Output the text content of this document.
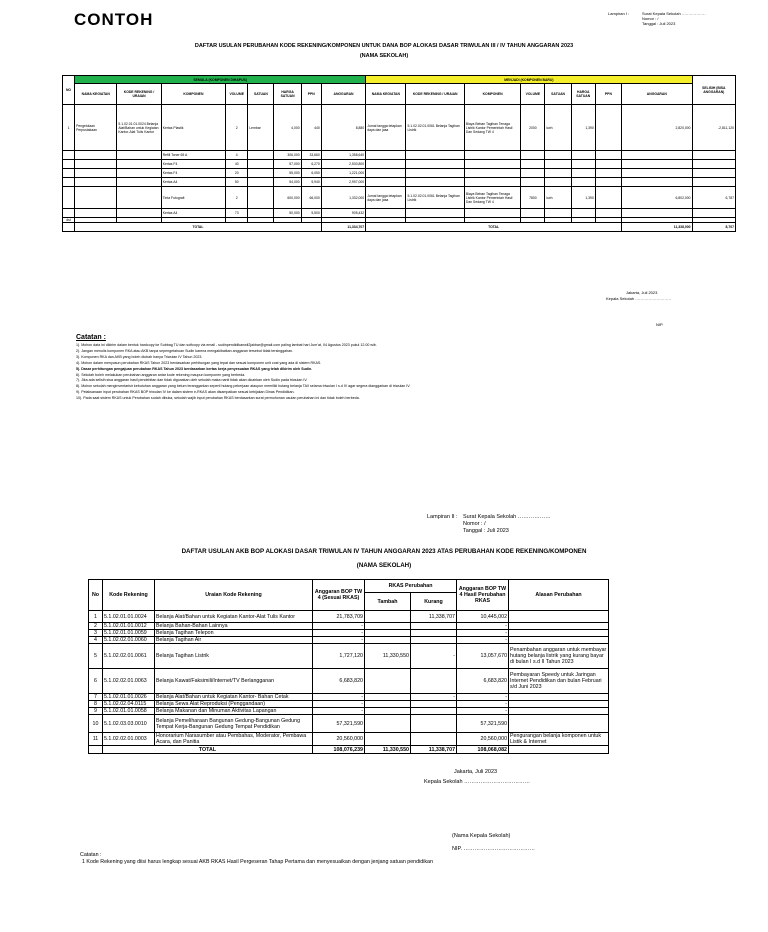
CONTOH	Lampiran I :	Surat Kepala Sekolah ………………
Nomor : /
Tanggal : Juli 2023
DAFTAR USULAN PERUBAHAN KODE REKENING/KOMPONEN UNTUK DANA BOP ALOKASI DASAR TRIWULAN III / IV TAHUN ANGGARAN 2023
(NAMA SEKOLAH)
NO	SEMULA (KOMPONEN DIHAPUS)								MENJADI (KOMPONEN BARU)								SELISIH (BISA ANGGARAN)
	NAMA KEGIATAN	KODE REKENING / URAIAN	KOMPONEN	VOLUME	SATUAN	HARGA SATUAN	PPN	ANGGARAN	NAMA KEGIATAN	KODE REKENING / URAIAN	KOMPONEN	VOLUME	SATUAN	HARGA SATUAN	PPN	ANGGARAN	
1	Pengelolaan Perpustakaan	5.1.02.01.01.0024 Belanja Alat/Bahan untuk Kegiatan Kantor-Alat Tulis Kantor	Kertas Plastik	2	Lembar	4,000	440	8,880	Jurnal tangga tetapkan daya dan jasa	5.1.02.02.01.0061 Belanja Tagihan Listrik	Biaya Beban Tagihan Tenaga Listrik Kantor Pemerintah Hasil Dan Sedang TW 4	2000	kwh	1,390		2,820,000	-2,811,120
			Refill Toner 65 A	4		306,000	33,660	1,358,640									
			Kertas F4	40		57,000	6,270	2,530,800									
			Kertas F4	20		55,000	6,050	1,221,000									
			Kertas A4	50		54,000	5,940	2,997,000									
			Tinta Fotografi	2		600,000	66,000	1,332,000	Jurnal tangga tetapkan daya dan jasa	5.1.02.02.01.0061 Belanja Tagihan Listrik	Biaya Beban Tagihan Tenaga Listrik Kantor Pemerintah Hasil Dan Sedang TW 4	7800	kwh	1,390		6,802,000	6,787
			Kertas A4	73		50,000	5,500	905,432									
dst																	
	TOTAL							11,334,707	TOTAL							11,338,000	8,707
Jakarta, Juli 2023
Kepala Sekolah ………………………
NIP.
Catatan :
1). Mohon data ini dikirim dalam bentuk hardcopy ke Subbag TU dan softcopy via email - sudinpendidikanwil2jakbar@gmail.com paling lambat hari Jum'at, 04 Agustus 2023 pukul 12.00 wib.
2). Jangan menulis komponen RKA atau AKB tanpa sepengetahuan Sudin karena mengakibatkan anggaran tersebut tidak tersinggahan.
3). Komponen RKA dan AKB yang boleh diubah hanya Triwulan IV Tahun 2023.
4). Mohon dalam menyusun perubahan RKAS Tahun 2023 berdasarkan perhitungan yang tepat dan sesuai komponen unit cost yang ada di sistem RKAS.
5). Dasar perhitungan pengajuan perubahan RKAS Tahun 2023 berdasarkan kertas kerja penyesuaian RKAS yang telah dikirim oleh Sudin.
6). Sekolah boleh melakukan perubahan anggaran antar kode rekening maupun komponen yang berbeda.
7). Jika ada selisih sisa anggaran hasil pendebitan dan tidak digunakan oleh sekolah maka nanti tidak akan dicairkan oleh Sudin pada triwulan IV.
8). Mohon sekolah menginventarisir kebutuhan anggaran yang belum teranggarkan seperti hutang pekerjaan ataupun memiliki hutang belanja TA/I selama triwulan I s.d IV agar segera dianggarkan di triwulan IV.
9). Pelaksanaan input perubahan RKAS BOP triwulan IV ke dalam sistem e-RKAS akan disampaikan sesuai kebijakan Dinas Pendidikan.
10). Pada saat sistem RKAS untuk Perubahan sudah dibuka, sekolah wajib input perubahan RKAS berdasarkan surat permohonan usulan perubahan ini dan tidak boleh berbeda.
Lampiran II : Surat Kepala Sekolah ………………
Nomor : /
Tanggal : Juli 2023
DAFTAR USULAN AKB BOP ALOKASI DASAR TRIWULAN IV TAHUN ANGGARAN 2023 ATAS PERUBAHAN KODE REKENING/KOMPONEN
(NAMA SEKOLAH)
No	Kode Rekening	Uraian Kode Rekening	Anggaran BOP TW 4 (Sesuai RKAS)	RKAS Perubahan		Anggaran BOP TW 4 Hasil Perubahan RKAS	Alasan Perubahan
				Tambah	Kurang		
1	5.1.02.01.01.0024	Belanja Alat/Bahan untuk Kegiatan Kantor-Alat Tulis Kantor	21,783,709		11,338,707	10,445,002	
2	5.1.02.01.01.0012	Belanja Bahan-Bahan Lainnya	-			-	
3	5.1.02.01.01.0059	Belanja Tagihan Telepon	-			-	
4	5.1.02.02.01.0060	Belanja Tagihan Air	-			-	
5	5.1.02.02.01.0061	Belanja Tagihan Listrik	1,727,120	11,330,550	-	13,057,670	Penambahan anggaran untuk membayar hutang belanja listrik yang kurang bayar di bulan I s.d II Tahun 2023
6	5.1.02.02.01.0063	Belanja Kawat/Faksimili/Internet/TV Berlangganan	6,683,820			6,683,820	Pembayaran Speedy untuk Jaringan Internet Pendidikan dan bulan Februari s/d Juni 2023
7	5.1.02.01.01.0026	Belanja Alat/Bahan untuk Kegiatan Kantor- Bahan Cetak	-		-	-	
8	5.1.02.02.04.0115	Belanja Sewa Alat Reproduksi (Penggandaan)	-			-	
9	5.1.02.01.01.0058	Belanja Makanan dan Minuman Aktivitas Lapangan	-			-	
10	5.1.02.03.03.0010	Belanja Pemeliharaan Bangunan Gedung-Bangunan Gedung Tempat Kerja-Bangunan Gedung Tempat Pendidikan	57,321,590			57,321,590	
11	5.1.02.02.01.0003	Honorarium Narasumber atau Pembahas, Moderator, Pembawa Acara, dan Panitia	20,560,000			20,560,000	Pengurangan belanja komponen untuk Listik & Internet
	TOTAL		108,076,239	11,330,550	11,338,707	108,068,082	
Jakarta, Juli 2023
Kepala Sekolah ………………………………
(Nama Kepala Sekolah)
NIP. …………………………………
Catatan :
1 Kode Rekening yang diisi harus lengkap sesuai AKB RKAS Hasil Pergeseran Tahap Pertama dan menyesuaikan dengan jenjang satuan pendidikan
